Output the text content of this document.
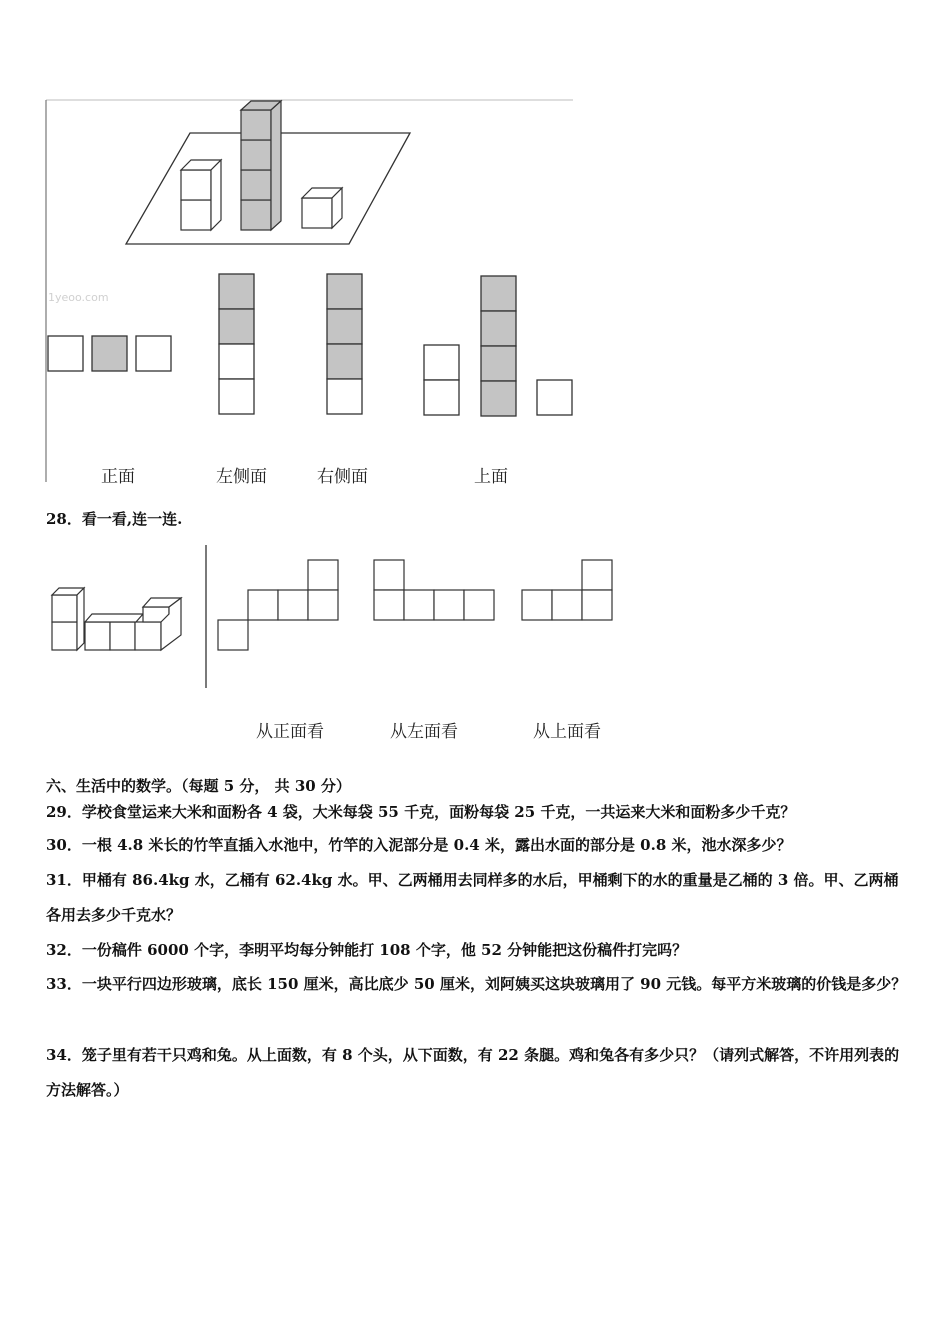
1yeoo.com
正面	左侧面	右侧面	上面
28．看一看,连一连.
从正面看	从左面看	从上面看
六、生活中的数学。（每题 5 分， 共 30 分）
29．学校食堂运来大米和面粉各 4 袋，大米每袋 55 千克，面粉每袋 25 千克，一共运来大米和面粉多少千克？
30．一根 4.8 米长的竹竿直插入水池中，竹竿的入泥部分是 0.4 米，露出水面的部分是 0.8 米，池水深多少？
31．甲桶有 86.4kg 水，乙桶有 62.4kg 水。甲、乙两桶用去同样多的水后，甲桶剩下的水的重量是乙桶的 3 倍。甲、乙两桶各用去多少千克水？
32．一份稿件 6000 个字，李明平均每分钟能打 108 个字，他 52 分钟能把这份稿件打完吗？
33．一块平行四边形玻璃，底长 150 厘米，高比底少 50 厘米，刘阿姨买这块玻璃用了 90 元钱。每平方米玻璃的价钱是多少？
34．笼子里有若干只鸡和兔。从上面数，有 8 个头，从下面数，有 22 条腿。鸡和兔各有多少只？（请列式解答，不许用列表的方法解答。）
